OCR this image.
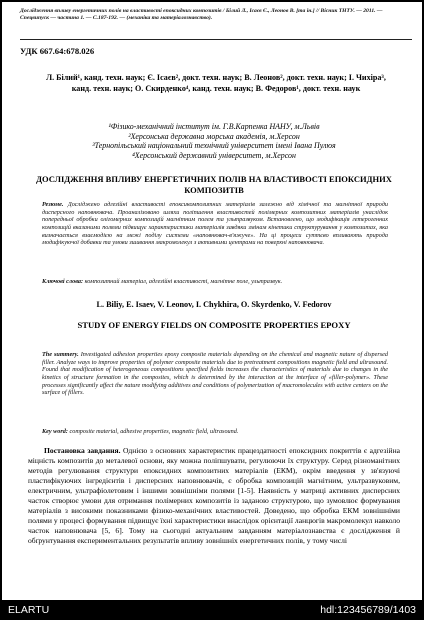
Дослідження впливу енергетичних полів на властивості епоксидних композитів / Білий Л., Ісаєв Є., Леонов В. [та ін.] // Вісник ТНТУ. — 2011. — Спецвипуск — частина 1. — С.187-192. — (механіка та матеріалознавство).
УДК 667.64:678.026
Л. Білий¹, канд. техн. наук; Є. Ісаєв², докт. техн. наук; В. Леонов², докт. техн. наук; І. Чихіра³, канд. техн. наук; О. Скирденко⁴, канд. техн. наук; В. Федоров¹, докт. техн. наук
¹Фізико-механічний інститут ім. Г.В.Карпенка НАНУ, м.Львів
²Херсонська державна морська академія, м.Херсон
³Тернопільський національний технічний університет імені Івана Пулюя
⁴Херсонський державний університет, м.Херсон
ДОСЛІДЖЕННЯ ВПЛИВУ ЕНЕРГЕТИЧНИХ ПОЛІВ НА ВЛАСТИВОСТІ ЕПОКСИДНИХ КОМПОЗИТІВ
Резюме. Досліджено адгезійні властивості епоксикомпозитних матеріалів залежно від хімічної та магнітної природи дисперсного наповнювача. Проаналізовано шляхи поліпшення властивостей полімерних композитних матеріалів унаслідок попередньої обробки олігомерних композицій магнітним полем та ультразвуком. Встановлено, що модифікація гетерогенних композицій вказаними полями підвищує характеристики матеріалів завдяки змінам кінетики структурування у композитах, яка визначається взаємодією на межі поділу системи «наповнювач-в'яжуче». На ці процеси суттєво впливають природа модифікуючої добавки та умови зшивання макромолекул з активними центрами на поверхні наповнювача.
Ключові слова: композитний матеріал, адгезійні властивості, магнітне поле, ультразвук.
L. Biliy, E. Isaev, V. Leonov, I. Chykhira, O. Skyrdenko, V. Fedorov
STUDY OF ENERGY FIELDS ON COMPOSITE PROPERTIES EPOXY
The summery. Investigated adhesion properties epoxy composite materials depending on the chemical and magnetic nature of dispersed filler. Analyze ways to improve properties of polymer composite materials due to pretreatment compositions magnetic field and ultrasound. Found that modification of heterogeneous compositions specified fields increases the characteristics of materials due to changes in the kinetics of structure formation in the composites, which is determined by the interaction at the interface of «filler-polymer». These processes significantly affect the nature modifying additives and conditions of polymerization of macromolecules with active centers on the surface of fillers.
Key word: composite material, adhesive properties, magnetic field, ultrasound.
Постановка завдання. Однією з основних характеристик працездатності епоксидних покриттів є адгезійна міцність композитів до металевої основи, яку можна поліпшувати, регулюючи їх структуру. Серед різноманітних методів регулювання структури епоксидних композитних матеріалів (ЕКМ), окрім введення у зв'язуючі пластифікуючих інгредієнтів і дисперсних наповнювачів, є обробка композицій магнітним, ультразвуковим, електричним, ультрафіолетовим і іншими зовнішніми полями [1-5]. Наявність у матриці активних дисперсних часток створює умови для отримання полімерних композитів із заданою структурою, що зумовлює формування матеріалів з високими показниками фізико-механічних властивостей. Доведено, що обробка ЕКМ зовнішніми полями у процесі формування підвищує їхні характеристики внаслідок орієнтації ланцюгів макромолекул навколо часток наповнювача [5, 6]. Тому на сьогодні актуальним завданням матеріалознавства є дослідження й обґрунтування експериментальних результатів впливу зовнішніх енергетичних полів, у тому числі
ELARTU	hdl:123456789/1403
